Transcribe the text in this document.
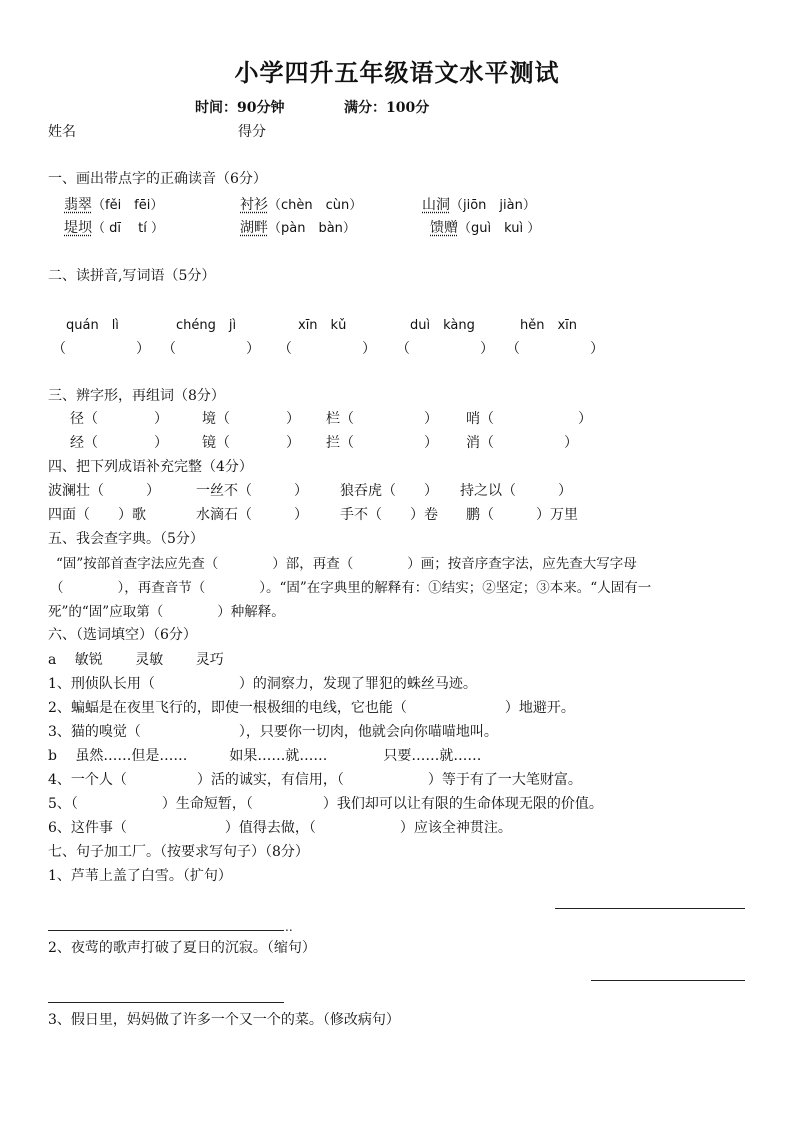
小学四升五年级语文水平测试
时间：90分钟	满分：100分
姓名	得分
一、画出带点字的正确读音（6分）
翡翠（fěi　fēi）	衬衫（chèn　cùn）	山洞（jiōn　jiàn）
堤坝（ dī　 tí ）	湖畔（pàn　bàn）	馈赠（guì　kuì ）
二、读拼音,写词语（5分）
quán　lì	chéng　jì	xīn　kǔ	duì　kàng	hěn　xīn
（　　　　　） （　　　　　） （　　　　　） （　　　　　） （　　　　　）
三、辨字形，再组词（8分）
径（　　　　） 境（　　　　） 栏（　　　　　） 哨（　　　　　　）
经（　　　　） 镜（　　　　） 拦（　　　　　） 消（　　　　　）
四、把下列成语补充完整（4分）
波澜壮（　　　）	一丝不（　　　） 狼吞虎（　　） 持之以（　　　）
四面（　　）歌	水滴石（　　　） 手不（　　）卷 鹏（　　　）万里
五、我会查字典。（5分）
“固”按部首查字法应先查（　　　　）部，再查（　　　　）画；按音序查字法，应先查大写字母
（　　　　），再查音节（　　　　）。“固”在字典里的解释有：①结实；②坚定；③本来。“人固有一
死”的“固”应取第（　　　　）种解释。
六、（选词填空）（6分）
a　 敏锐　　 灵敏　　 灵巧
1、刑侦队长用（　　　　　　）的洞察力，发现了罪犯的蛛丝马迹。
2、蝙蝠是在夜里飞行的，即使一根极细的电线，它也能（　　　　　　　）地避开。
3、猫的嗅觉（　　　　　　　），只要你一切肉，他就会向你喵喵地叫。
b　 虽然……但是……　　　如果……就……　　　　只要……就……
4、一个人（　　　　　）活的诚实，有信用，（　　　　　　）等于有了一大笔财富。
5、（　　　　　　）生命短暂，（　　　　　）我们却可以让有限的生命体现无限的价值。
6、这件事（　　　　　　　）值得去做，（　　　　　　）应该全神贯注。
七、句子加工厂。（按要求写句子）（8分）
1、芦苇上盖了白雪。（扩句）
..
2、夜莺的歌声打破了夏日的沉寂。（缩句）
3、假日里，妈妈做了许多一个又一个的菜。（修改病句）
